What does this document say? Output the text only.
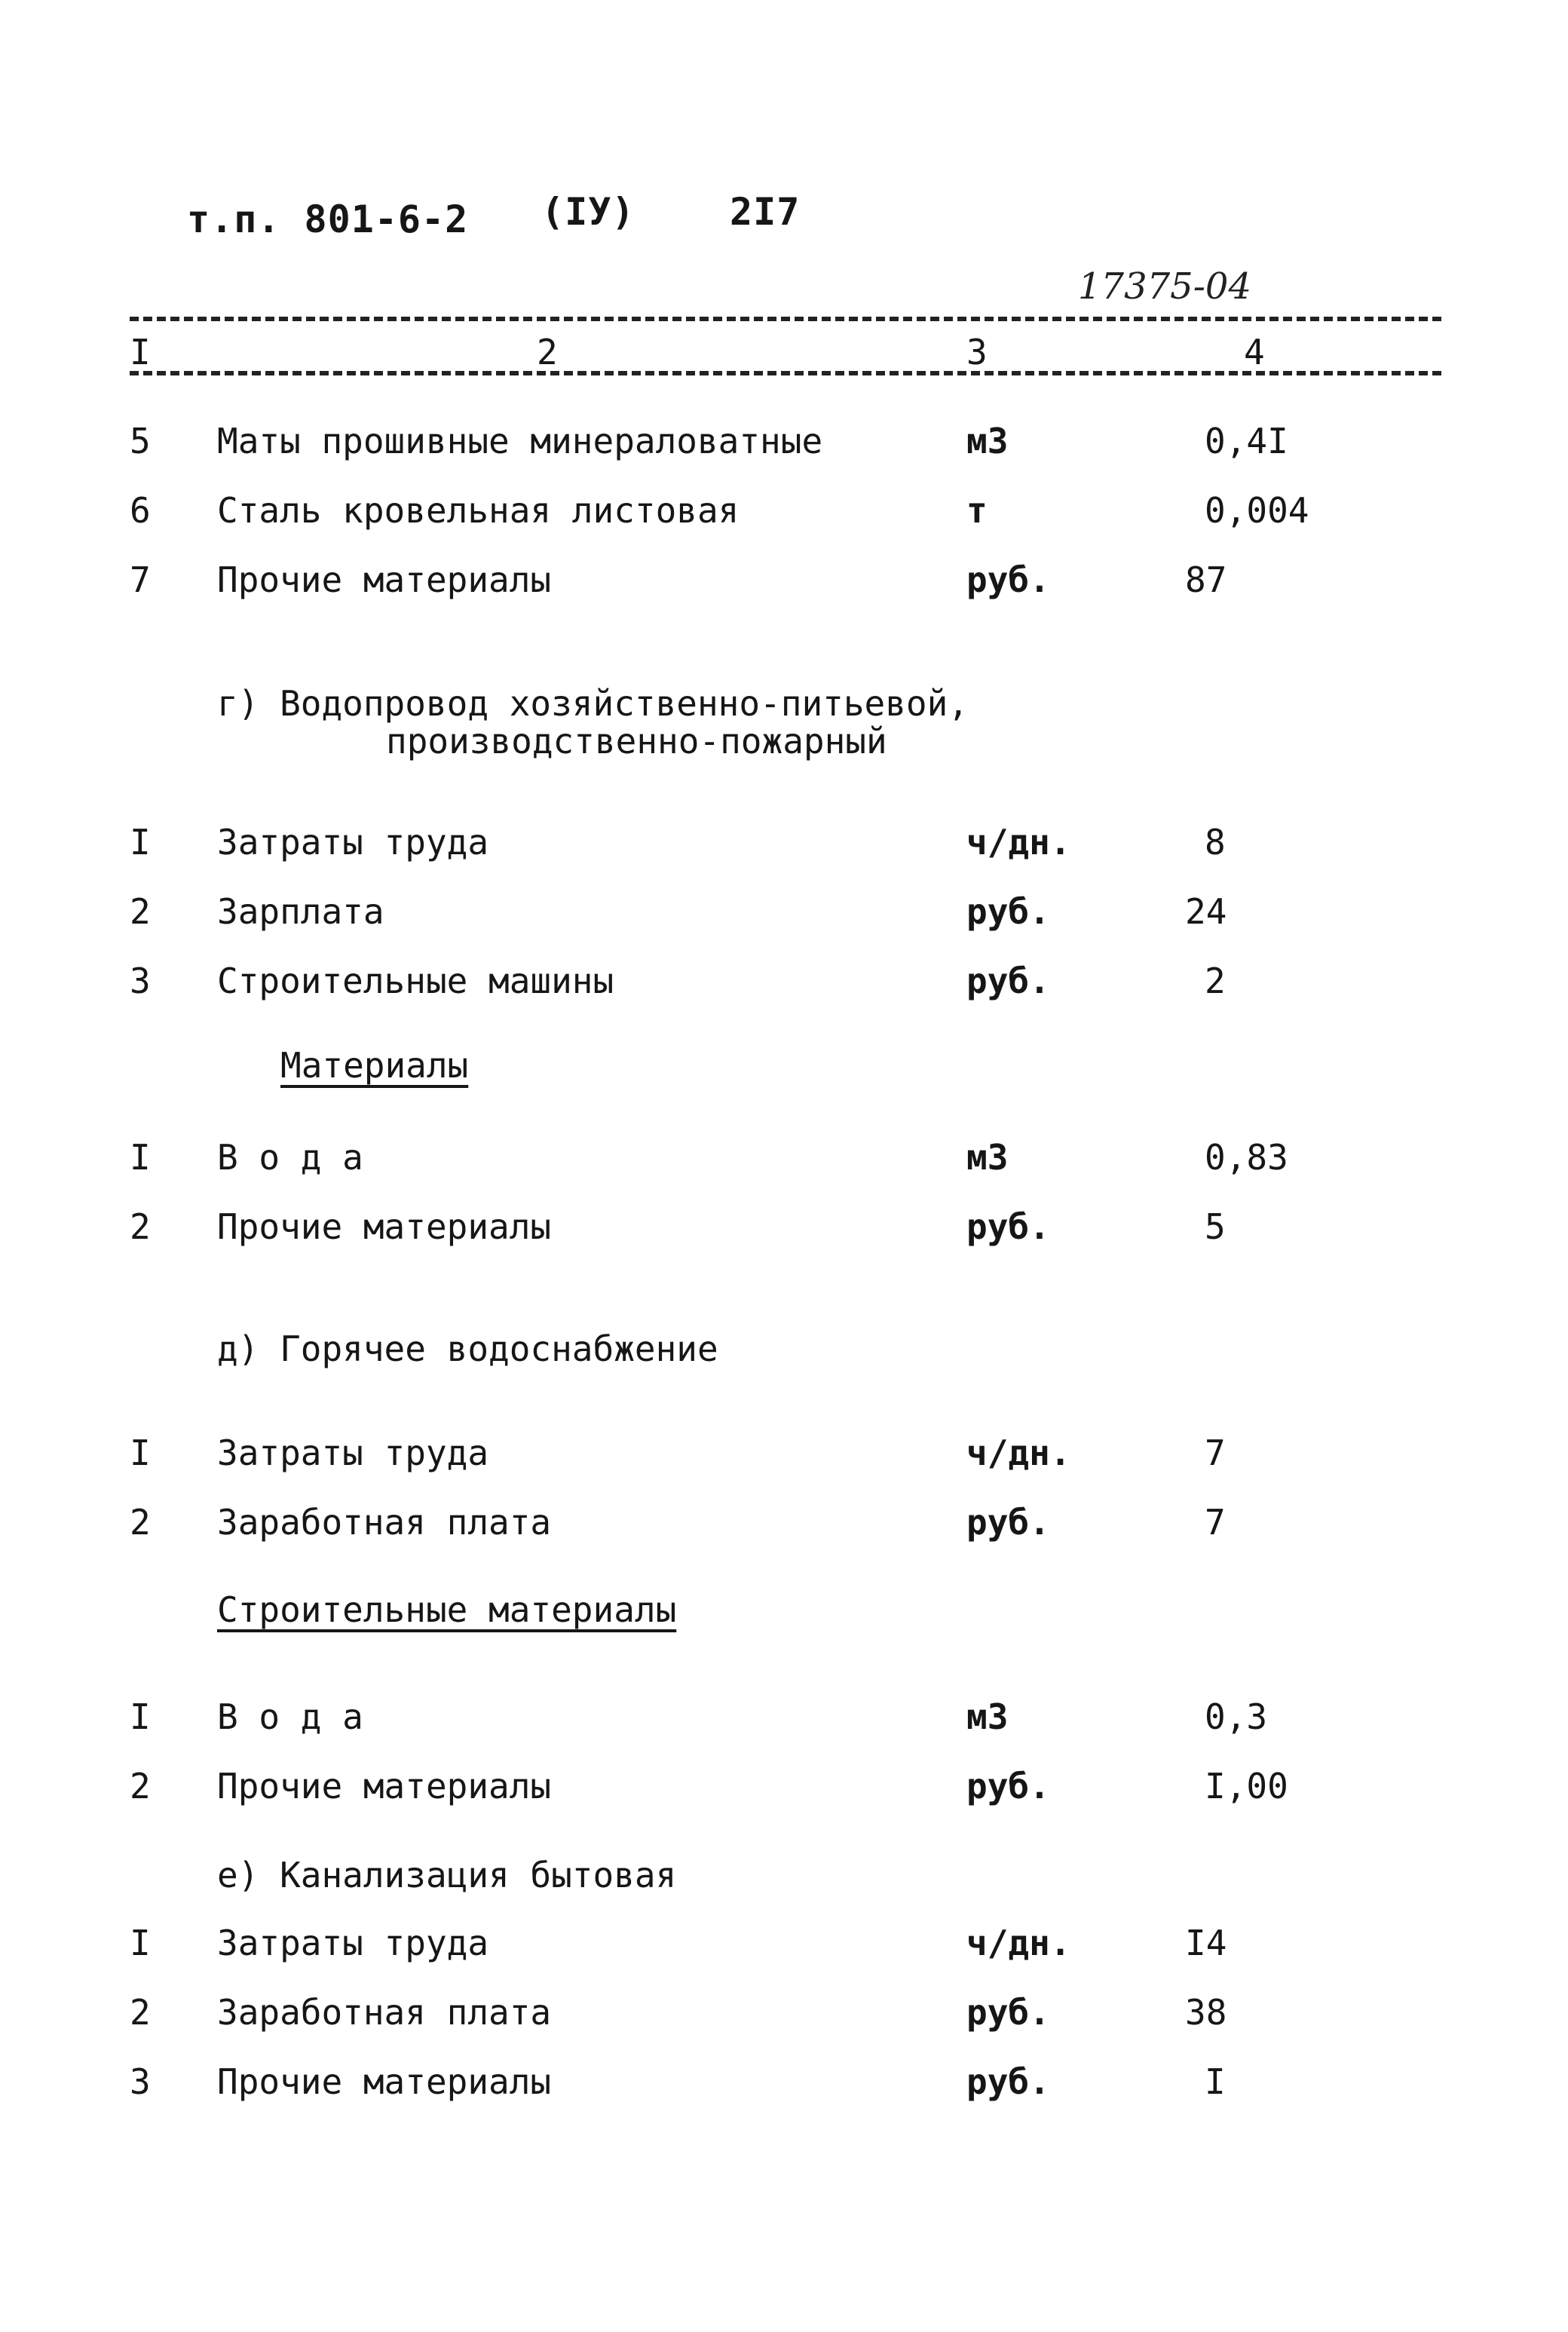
т.п. 801-6-2 (IУ)	2I7
17375-04
I	2	3	4
5 Маты прошивные минераловатные	м3	0,4I
6 Сталь кровельная листовая	т	0,004
7 Прочие материалы	руб.	87
г) Водопровод хозяйственно-питьевой,
производственно-пожарный
I Затраты труда	ч/дн.	8
2 Зарплата	руб.	24
3 Строительные машины	руб.	2
Материалы
I В о д а	м3	0,83
2 Прочие материалы	руб.	5
д) Горячее водоснабжение
I Затраты труда	ч/дн.	7
2 Заработная плата	руб.	7
Строительные материалы
I В о д а	м3	0,3
2 Прочие материалы	руб.	I,00
е) Канализация бытовая
I Затраты труда	ч/дн.	I4
2 Заработная плата	руб.	38
3 Прочие материалы	руб.	I
